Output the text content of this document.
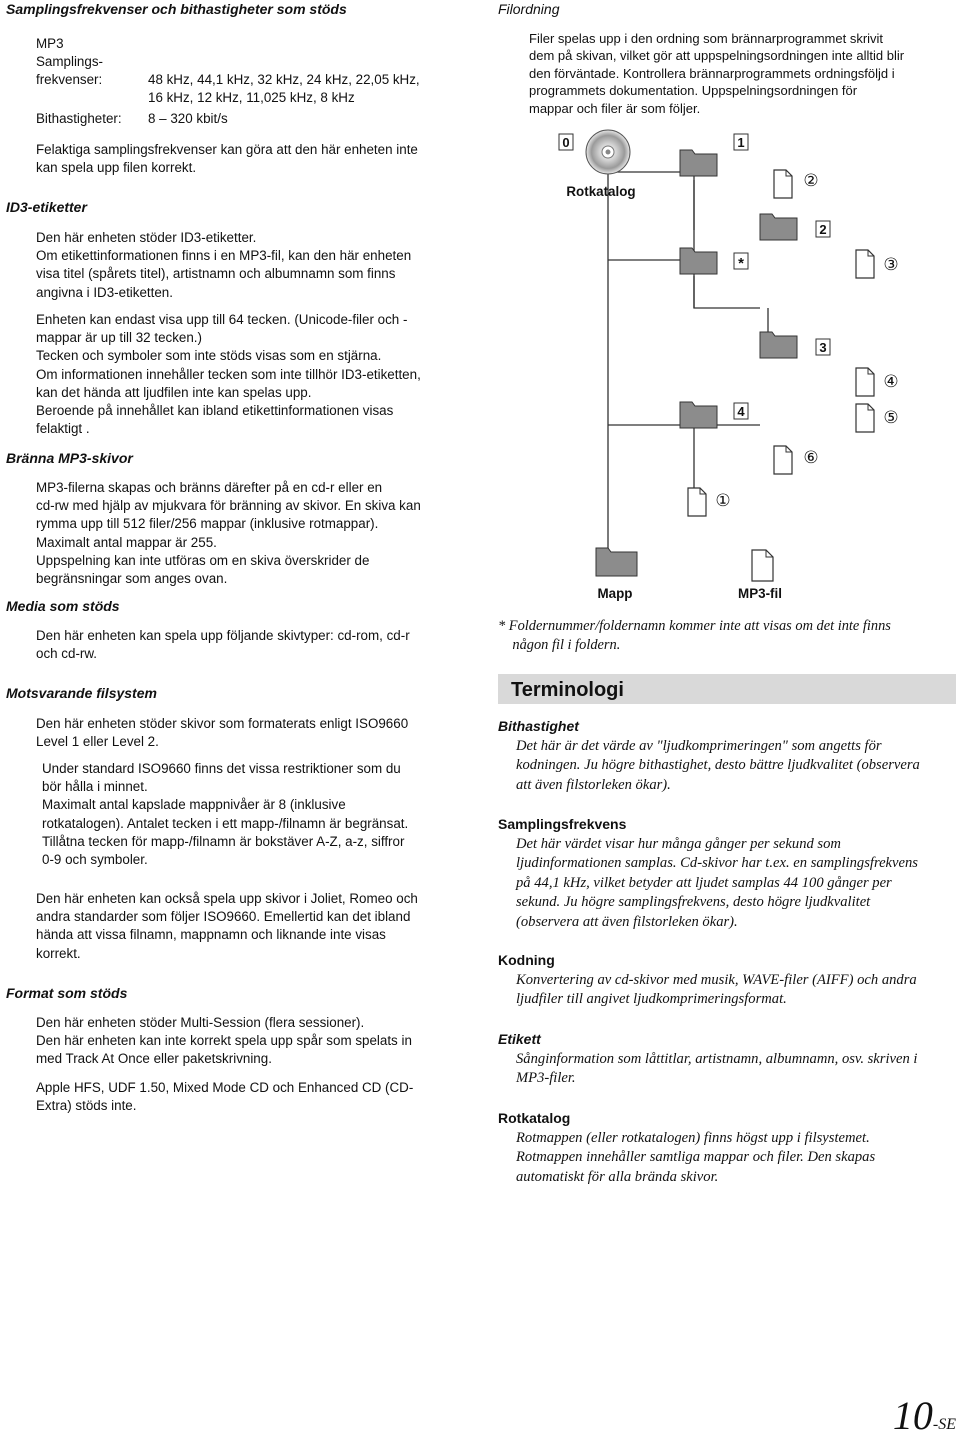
Samplingsfrekvenser och bithastigheter som stöds
MP3
Samplings-
frekvenser:	48 kHz, 44,1 kHz, 32 kHz, 24 kHz, 22,05 kHz,
16 kHz, 12 kHz, 11,025 kHz, 8 kHz
Bithastigheter: 8 – 320 kbit/s

Felaktiga samplingsfrekvenser kan göra att den här enheten inte

kan spela upp filen korrekt.

ID3-etiketter

Den här enheten stöder ID3-etiketter.

Om etikettinformationen finns i en MP3-fil, kan den här enheten

visa titel (spårets titel), artistnamn och albumnamn som finns

angivna i ID3-etiketten.

Enheten kan endast visa upp till 64 tecken. (Unicode-filer och -

mappar är up till 32 tecken.)

Tecken och symboler som inte stöds visas som en stjärna.

Om informationen innehåller tecken som inte tillhör ID3-etiketten,

kan det hända att ljudfilen inte kan spelas upp.

Beroende på innehållet kan ibland etikettinformationen visas

felaktigt .

Bränna MP3-skivor

MP3-filerna skapas och bränns därefter på en cd-r eller en

cd-rw med hjälp av mjukvara för bränning av skivor. En skiva kan

rymma upp till 512 filer/256 mappar (inklusive rotmappar).

Maximalt antal mappar är 255.

Uppspelning kan inte utföras om en skiva överskrider de

begränsningar som anges ovan.

Media som stöds

Den här enheten kan spela upp följande skivtyper: cd-rom, cd-r

och cd-rw.

Motsvarande filsystem

Den här enheten stöder skivor som formaterats enligt ISO9660

Level 1 eller Level 2.

Under standard ISO9660 finns det vissa restriktioner som du

bör hålla i minnet.

Maximalt antal kapslade mappnivåer är 8 (inklusive

rotkatalogen). Antalet tecken i ett mapp-/filnamn är begränsat.

Tillåtna tecken för mapp-/filnamn är bokstäver A-Z, a-z, siffror

0-9 och symboler.

Den här enheten kan också spela upp skivor i Joliet, Romeo och

andra standarder som följer ISO9660. Emellertid kan det ibland

hända att vissa filnamn, mappnamn och liknande inte visas

korrekt.

Format som stöds

Den här enheten stöder Multi-Session (flera sessioner).

Den här enheten kan inte korrekt spela upp spår som spelats in

med Track At Once eller paketskrivning.

Apple HFS, UDF 1.50, Mixed Mode CD och Enhanced CD (CD-

Extra) stöds inte.

Filordning

Filer spelas upp i den ordning som brännarprogrammet skrivit

dem på skivan, vilket gör att uppspelningsordningen inte alltid blir

den förväntade. Kontrollera brännarprogrammets ordningsföljd i

programmets dokumentation. Uppspelningsordningen för

mappar och filer är som följer.

0
Rotkatalog
1
2
*
3
4
②
③
④
⑤
⑥
①
Mapp	MP3-fil

* Foldernummer/foldernamn kommer inte att visas om det inte finns

någon fil i foldern.

Terminologi
Bithastighet

Det här är det värde av "ljudkomprimeringen" som angetts för

kodningen. Ju högre bithastighet, desto bättre ljudkvalitet (observera

att även filstorleken ökar).

Samplingsfrekvens

Det här värdet visar hur många gånger per sekund som

ljudinformationen samplas. Cd-skivor har t.ex. en samplingsfrekvens

på 44,1 kHz, vilket betyder att ljudet samplas 44 100 gånger per

sekund. Ju högre samplingsfrekvens, desto högre ljudkvalitet

(observera att även filstorleken ökar).

Kodning

Konvertering av cd-skivor med musik, WAVE-filer (AIFF) och andra

ljudfiler till angivet ljudkomprimeringsformat.

Etikett

Sånginformation som låttitlar, artistnamn, albumnamn, osv. skriven i

MP3-filer.

Rotkatalog

Rotmappen (eller rotkatalogen) finns högst upp i filsystemet.

Rotmappen innehåller samtliga mappar och filer. Den skapas

automatiskt för alla brända skivor.

10-SE
